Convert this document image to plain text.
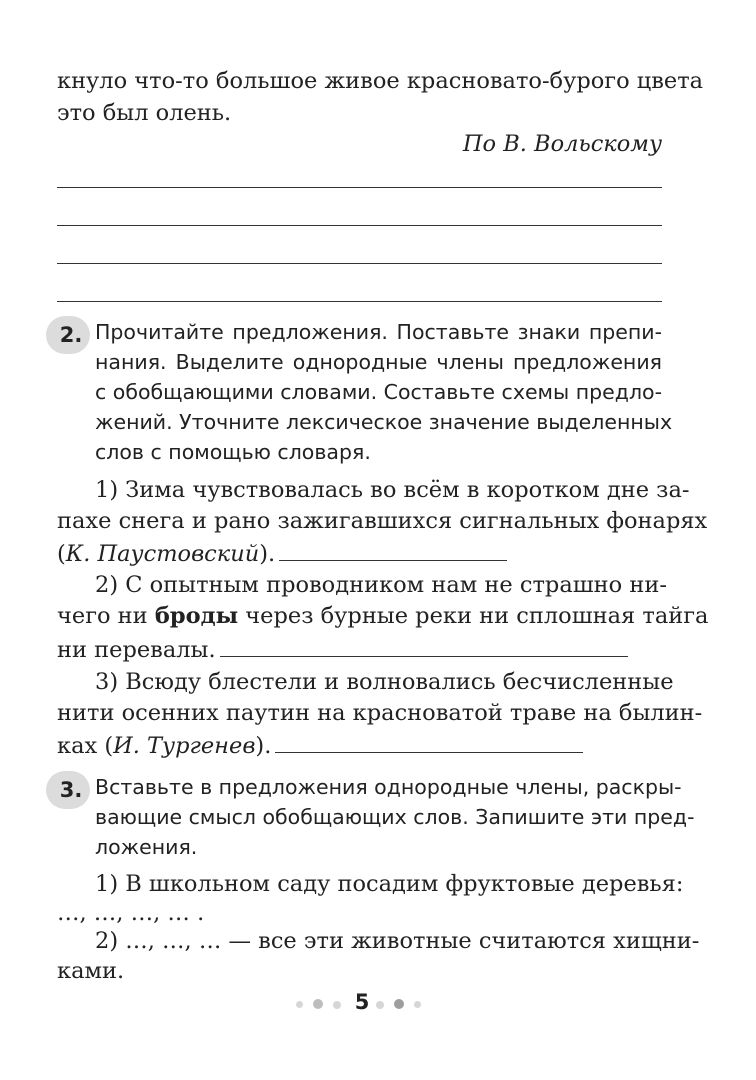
кнуло что-то большое живое красновато-бурого цвета
это был олень.
По В. Вольскому
2. Прочитайте предложения. Поставьте знаки препи-
нания. Выделите однородные члены предложения
с обобщающими словами. Составьте схемы предло-
жений. Уточните лексическое значение выделенных
слов с помощью словаря.
1) Зима чувствовалась во всём в коротком дне за-
пахе снега и рано зажигавшихся сигнальных фонарях
(К. Паустовский).
2) С опытным проводником нам не страшно ни-
чего ни броды через бурные реки ни сплошная тайга
ни перевалы.
3) Всюду блестели и волновались бесчисленные
нити осенних паутин на красноватой траве на былин-
ках (И. Тургенев).
3. Вставьте в предложения однородные члены, раскры-
вающие смысл обобщающих слов. Запишите эти пред-
ложения.
1) В школьном саду посадим фруктовые деревья:
…, …, …, … .
2) …, …, … — все эти животные считаются хищни-
ками.
5
